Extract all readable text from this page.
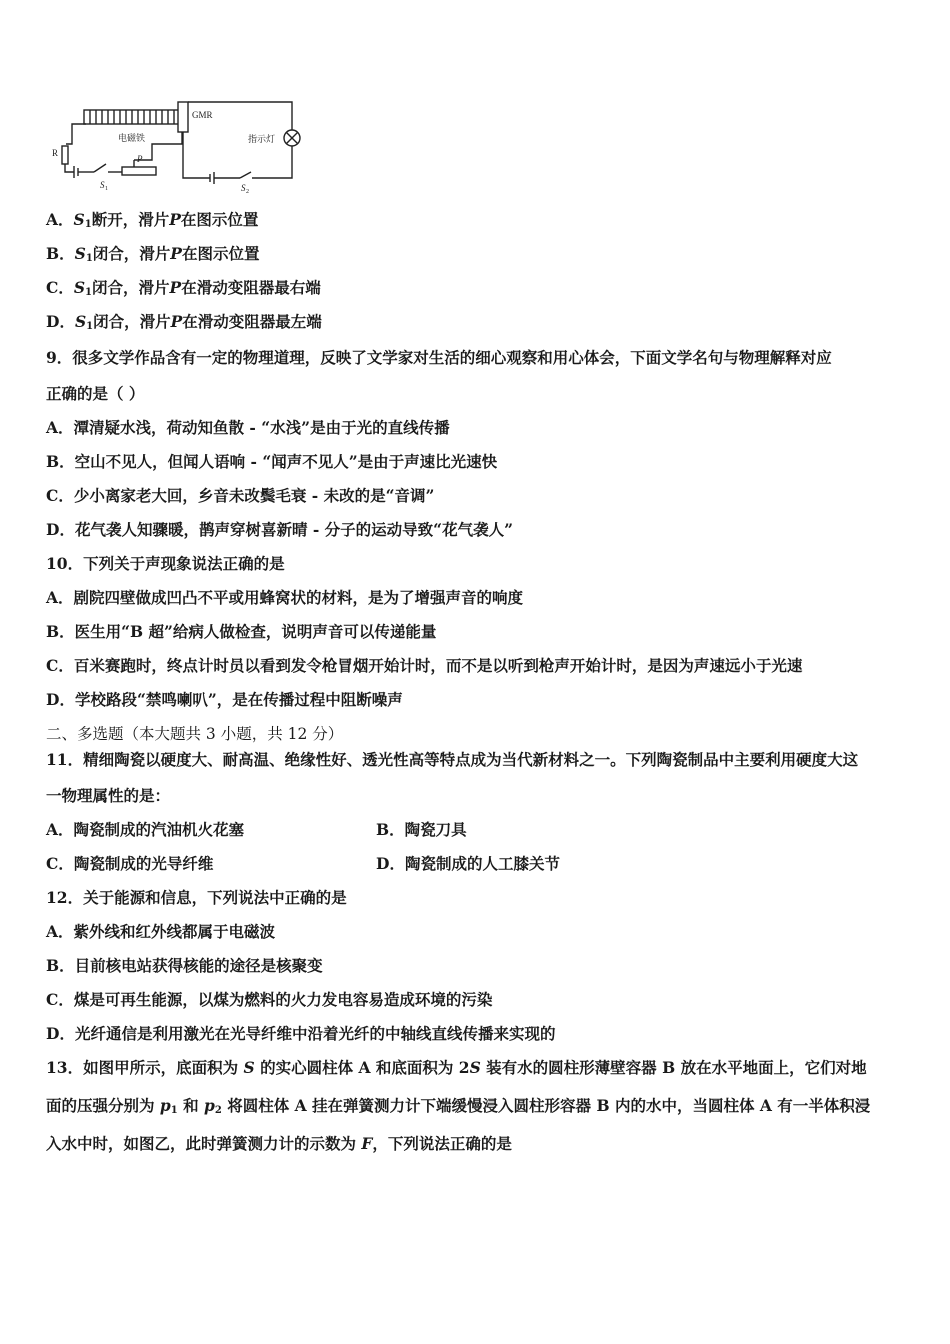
R
电磁铁
P
S 1
GMR
指示灯
S 2
A．$S_1$断开，滑片P在图示位置
B．$S_1$闭合，滑片P在图示位置
C．$S_1$闭合，滑片P在滑动变阻器最右端
D．$S_1$闭合，滑片P在滑动变阻器最左端
9．很多文学作品含有一定的物理道理，反映了文学家对生活的细心观察和用心体会，下面文学名句与物理解释对应
正确的是（ ）
A．潭清疑水浅，荷动知鱼散 - “水浅”是由于光的直线传播
B．空山不见人，但闻人语响 - “闻声不见人”是由于声速比光速快
C．少小离家老大回，乡音未改鬓毛衰 - 未改的是“音调”
D．花气袭人知骤暖，鹊声穿树喜新晴 - 分子的运动导致“花气袭人”
10．下列关于声现象说法正确的是
A．剧院四壁做成凹凸不平或用蜂窝状的材料，是为了增强声音的响度
B．医生用“B 超”给病人做检查，说明声音可以传递能量
C．百米赛跑时，终点计时员以看到发令枪冒烟开始计时，而不是以听到枪声开始计时，是因为声速远小于光速
D．学校路段“禁鸣喇叭”，是在传播过程中阻断噪声
二、多选题（本大题共 3 小题，共 12 分）
11．精细陶瓷以硬度大、耐高温、绝缘性好、透光性高等特点成为当代新材料之一。下列陶瓷制品中主要利用硬度大这
一物理属性的是：
A．陶瓷制成的汽油机火花塞	B．陶瓷刀具
C．陶瓷制成的光导纤维	D．陶瓷制成的人工膝关节
12．关于能源和信息，下列说法中正确的是
A．紫外线和红外线都属于电磁波
B．目前核电站获得核能的途径是核聚变
C．煤是可再生能源，以煤为燃料的火力发电容易造成环境的污染
D．光纤通信是利用激光在光导纤维中沿着光纤的中轴线直线传播来实现的
13．如图甲所示，底面积为 S 的实心圆柱体 A 和底面积为 2S 装有水的圆柱形薄壁容器 B 放在水平地面上，它们对地
面的压强分别为 $p_1$ 和 $p_2$ 将圆柱体 A 挂在弹簧测力计下端缓慢浸入圆柱形容器 B 内的水中，当圆柱体 A 有一半体积浸
入水中时，如图乙，此时弹簧测力计的示数为 F，下列说法正确的是
